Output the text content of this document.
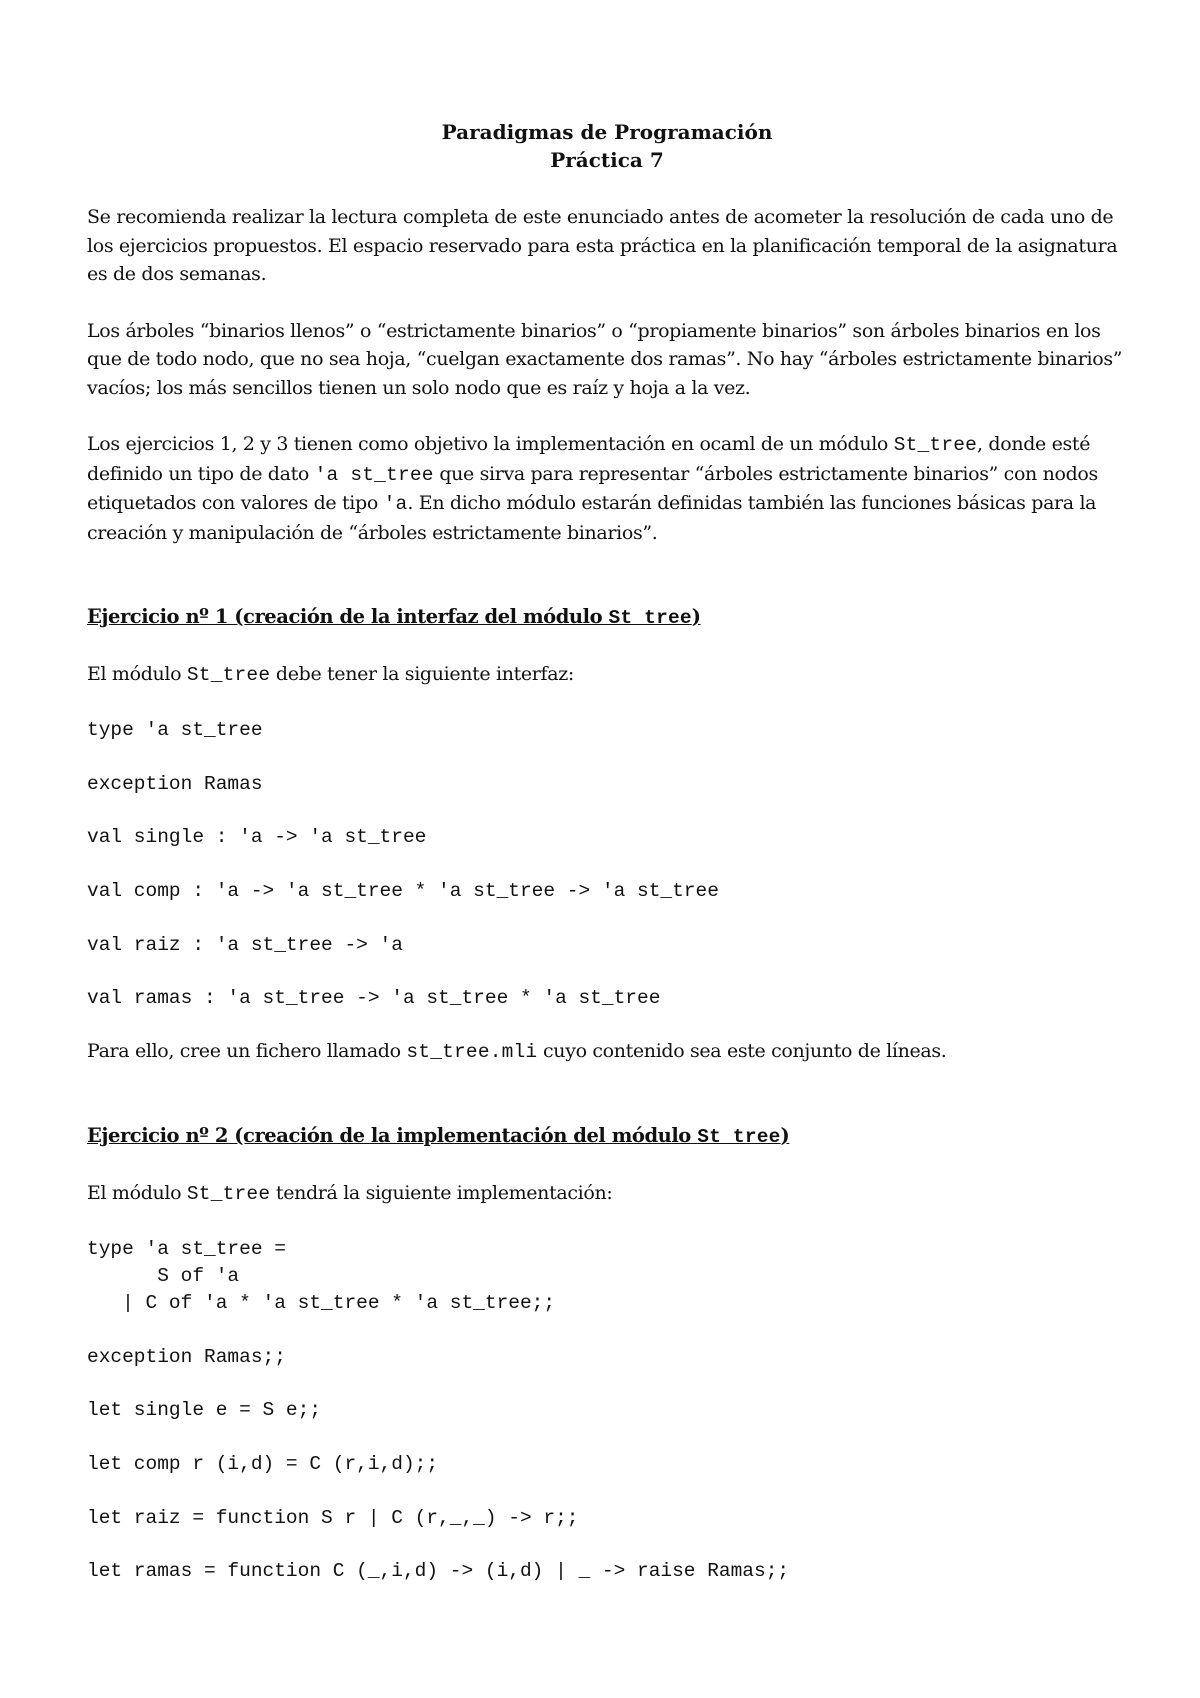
Paradigmas de Programación
Práctica 7

Se recomienda realizar la lectura completa de este enunciado antes de acometer la resolución de cada uno de los ejercicios propuestos. El espacio reservado para esta práctica en la planificación temporal de la asignatura es de dos semanas.

Los árboles “binarios llenos” o “estrictamente binarios” o “propiamente binarios” son árboles binarios en los que de todo nodo, que no sea hoja, “cuelgan exactamente dos ramas”. No hay “árboles estrictamente binarios” vacíos; los más sencillos tienen un solo nodo que es raíz y hoja a la vez.

Los ejercicios 1, 2 y 3 tienen como objetivo la implementación en ocaml de un módulo St_tree, donde esté definido un tipo de dato 'a st_tree que sirva para representar “árboles estrictamente binarios” con nodos etiquetados con valores de tipo 'a. En dicho módulo estarán definidas también las funciones básicas para la creación y manipulación de “árboles estrictamente binarios”.

Ejercicio nº 1 (creación de la interfaz del módulo St_tree)

El módulo St_tree debe tener la siguiente interfaz:

type 'a st_tree
exception Ramas
val single : 'a -> 'a st_tree
val comp : 'a -> 'a st_tree * 'a st_tree -> 'a st_tree
val raiz : 'a st_tree -> 'a
val ramas : 'a st_tree -> 'a st_tree * 'a st_tree

Para ello, cree un fichero llamado st_tree.mli cuyo contenido sea este conjunto de líneas.

Ejercicio nº 2 (creación de la implementación del módulo St_tree)

El módulo St_tree tendrá la siguiente implementación:

type 'a st_tree =
S of 'a
| C of 'a * 'a st_tree * 'a st_tree;;
exception Ramas;;
let single e = S e;;
let comp r (i,d) = C (r,i,d);;
let raiz = function S r | C (r,_,_) -> r;;
let ramas = function C (_,i,d) -> (i,d) | _ -> raise Ramas;;
